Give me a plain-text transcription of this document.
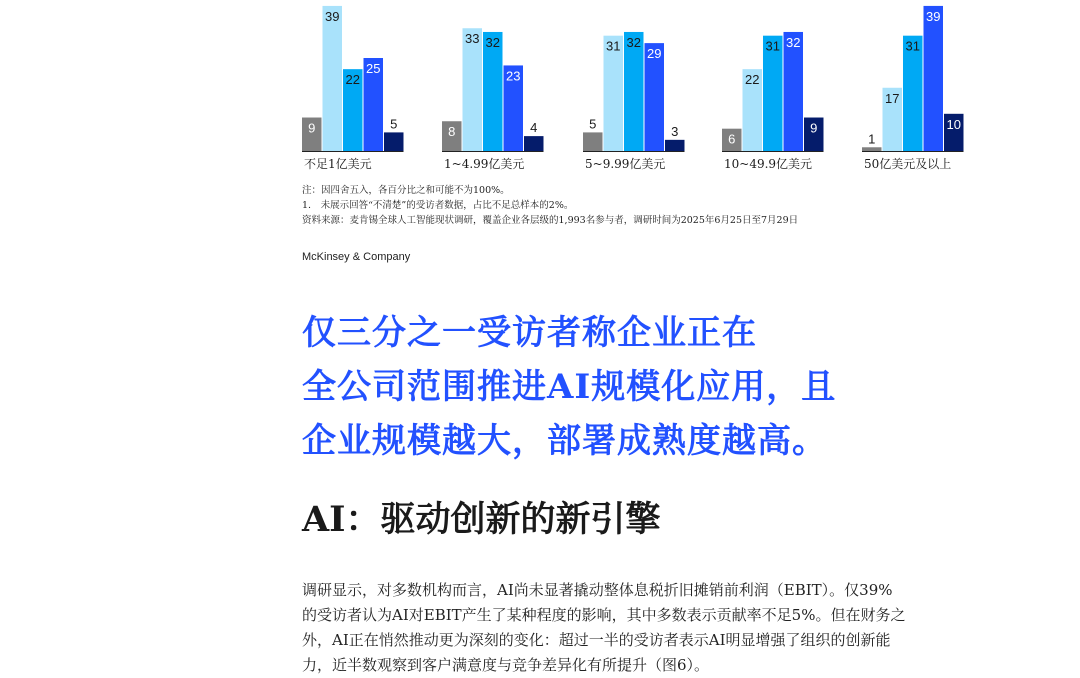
9
39
22
25
5
不足1亿美元
8
33 32
23
4
1~4.99亿美元
5
31 32
29
3
5~9.99亿美元
6
22
31 32
9
10~49.9亿美元
1
17
31
39
10
50亿美元及以上
注：因四舍五入，各百分比之和可能不为100%。
1.　未展示回答“不清楚”的受访者数据，占比不足总样本的2%。
资料来源：麦肯锡全球人工智能现状调研，覆盖企业各层级的1,993名参与者，调研时间为2025年6月25日至7月29日
McKinsey & Company
仅三分之一受访者称企业正在
全公司范围推进AI规模化应用，且
企业规模越大，部署成熟度越高。
AI：驱动创新的新引擎
调研显示，对多数机构而言，AI尚未显著撬动整体息税折旧摊销前利润（EBIT）。仅39%
的受访者认为AI对EBIT产生了某种程度的影响，其中多数表示贡献率不足5%。但在财务之
外，AI正在悄然推动更为深刻的变化：超过一半的受访者表示AI明显增强了组织的创新能
力，近半数观察到客户满意度与竞争差异化有所提升（图6）。
